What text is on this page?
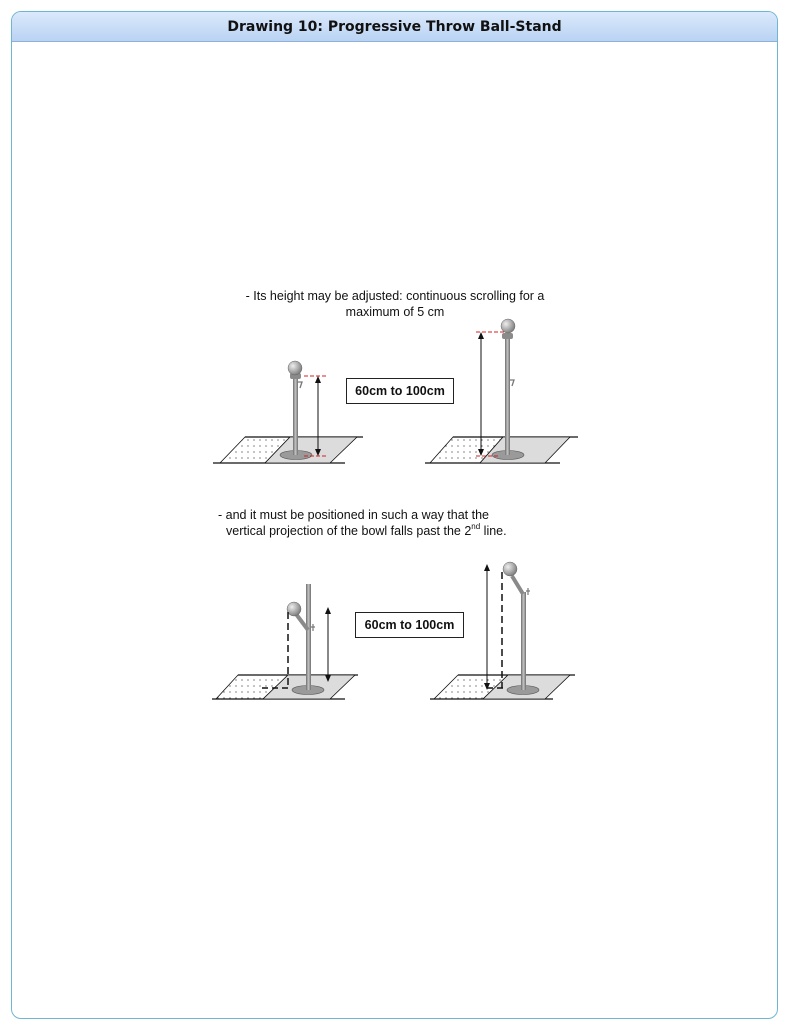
Drawing 10: Progressive Throw Ball-Stand
- Its height may be adjusted: continuous scrolling for a
maximum of 5 cm
60cm to 100cm
- and it must be positioned in such a way that the
vertical projection of the bowl falls past the 2nd line.
60cm to 100cm
